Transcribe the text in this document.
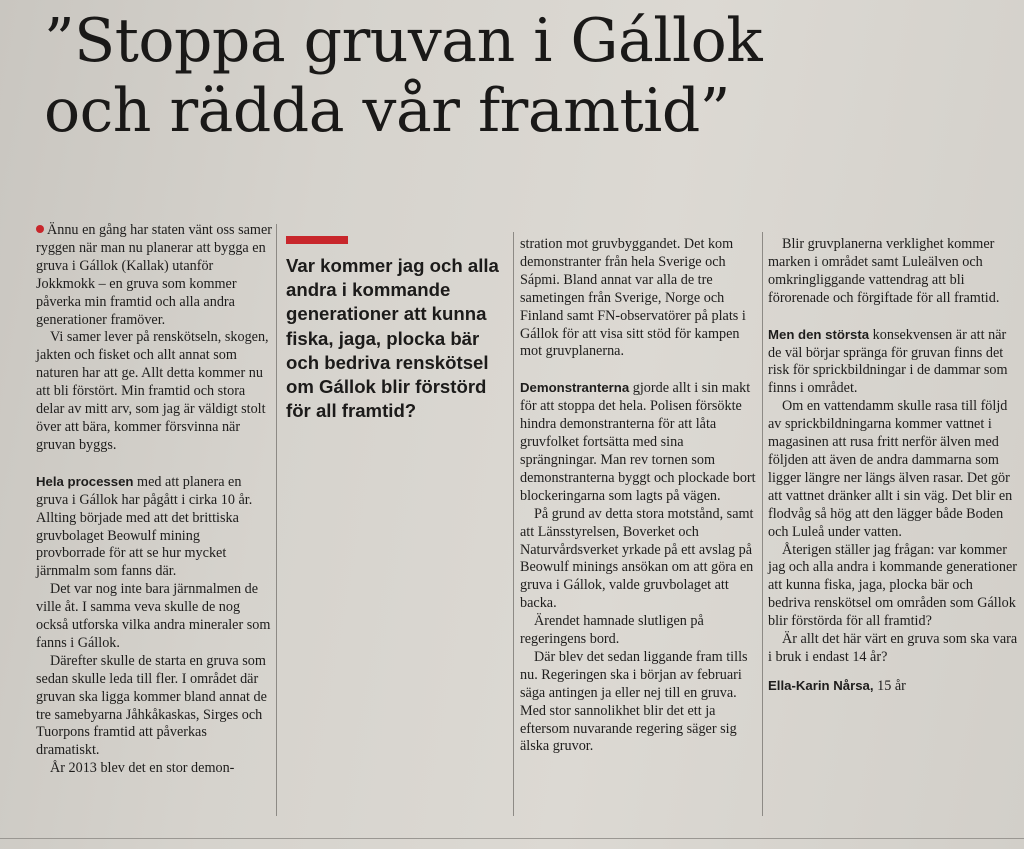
”Stoppa gruvan i Gállok
och rädda vår framtid”

Ännu en gång har staten vänt oss samer ryggen när man nu planerar att bygga en gruva i Gállok (Kallak) utanför Jokkmokk – en gruva som kommer påverka min framtid och alla andra generationer framöver.

Vi samer lever på renskötseln, skogen, jakten och fisket och allt annat som naturen har att ge. Allt detta kommer nu att bli förstört. Min framtid och stora delar av mitt arv, som jag är väldigt stolt över att bära, kommer försvinna när gruvan byggs.

Hela processen med att planera en gruva i Gállok har pågått i cirka 10 år. Allting började med att det brittiska gruvbolaget Beowulf mining provborrade för att se hur mycket järnmalm som fanns där.

Det var nog inte bara järnmalmen de ville åt. I samma veva skulle de nog också utforska vilka andra mineraler som fanns i Gállok.

Därefter skulle de starta en gruva som sedan skulle leda till fler. I området där gruvan ska ligga kommer bland annat de tre samebyarna Jåhkåkaskas, Sirges och Tuorpons framtid att påverkas dramatiskt.

År 2013 blev det en stor demon-

Var kommer jag och alla andra i kommande generationer att kunna fiska, jaga, plocka bär och bedriva renskötsel om Gállok blir förstörd för all framtid?

stration mot gruvbyggandet. Det kom demonstranter från hela Sverige och Sápmi. Bland annat var alla de tre sametingen från Sverige, Norge och Finland samt FN-observatörer på plats i Gállok för att visa sitt stöd för kampen mot gruvplanerna.

Demonstranterna gjorde allt i sin makt för att stoppa det hela. Polisen försökte hindra demonstranterna för att låta gruvfolket fortsätta med sina sprängningar. Man rev tornen som demonstranterna byggt och plockade bort blockeringarna som lagts på vägen.

På grund av detta stora motstånd, samt att Länsstyrelsen, Boverket och Naturvårdsverket yrkade på ett avslag på Beowulf minings ansökan om att göra en gruva i Gállok, valde gruvbolaget att backa.

Ärendet hamnade slutligen på regeringens bord.

Där blev det sedan liggande fram tills nu. Regeringen ska i början av februari säga antingen ja eller nej till en gruva. Med stor sannolikhet blir det ett ja eftersom nuvarande regering säger sig älska gruvor.

Blir gruvplanerna verklighet kommer marken i området samt Luleälven och omkringliggande vattendrag att bli förorenade och förgiftade för all framtid.

Men den största konsekvensen är att när de väl börjar spränga för gruvan finns det risk för sprickbildningar i de dammar som finns i området.

Om en vattendamm skulle rasa till följd av sprickbildningarna kommer vattnet i magasinen att rusa fritt nerför älven med följden att även de andra dammarna som ligger längre ner längs älven rasar. Det gör att vattnet dränker allt i sin väg. Det blir en flodvåg så hög att den lägger både Boden och Luleå under vatten.

Återigen ställer jag frågan: var kommer jag och alla andra i kommande generationer att kunna fiska, jaga, plocka bär och bedriva renskötsel om områden som Gállok blir förstörda för all framtid?

Är allt det här värt en gruva som ska vara i bruk i endast 14 år?

Ella-Karin Nårsa, 15 år
